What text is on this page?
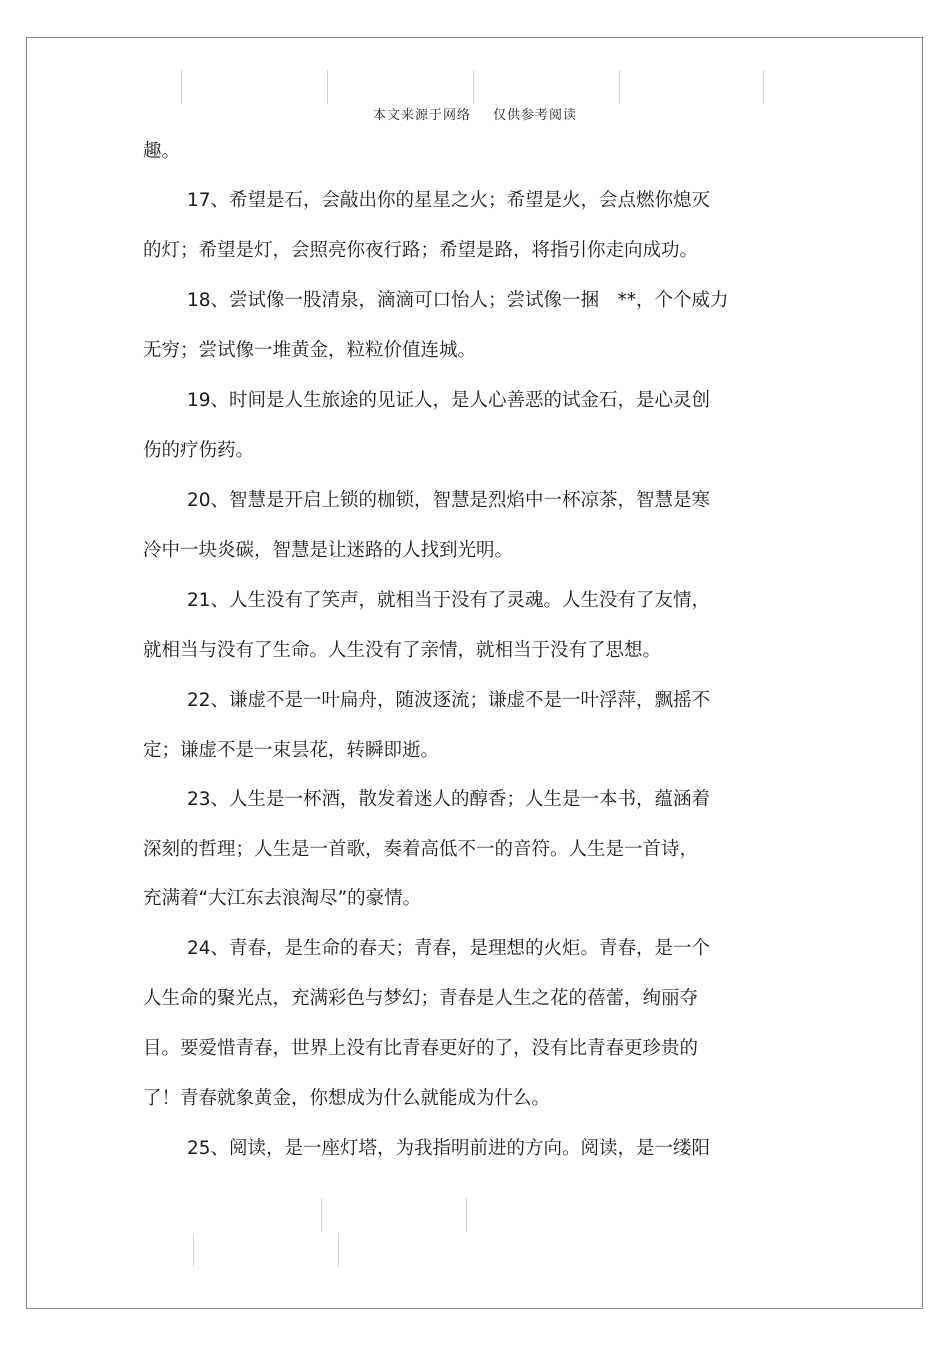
本文来源于网络 仅供参考阅读
趣。
17、希望是石，会敲出你的星星之火；希望是火，会点燃你熄灭
的灯；希望是灯，会照亮你夜行路；希望是路，将指引你走向成功。
18、尝试像一股清泉，滴滴可口怡人；尝试像一捆　**，个个威力
无穷；尝试像一堆黄金，粒粒价值连城。
19、时间是人生旅途的见证人，是人心善恶的试金石，是心灵创
伤的疗伤药。
20、智慧是开启上锁的枷锁，智慧是烈焰中一杯凉茶，智慧是寒
冷中一块炎碳，智慧是让迷路的人找到光明。
21、人生没有了笑声，就相当于没有了灵魂。人生没有了友情，
就相当与没有了生命。人生没有了亲情，就相当于没有了思想。
22、谦虚不是一叶扁舟，随波逐流；谦虚不是一叶浮萍，飘摇不
定；谦虚不是一束昙花，转瞬即逝。
23、人生是一杯酒，散发着迷人的醇香；人生是一本书，蕴涵着
深刻的哲理；人生是一首歌，奏着高低不一的音符。人生是一首诗，
充满着“大江东去浪淘尽”的豪情。
24、青春，是生命的春天；青春，是理想的火炬。青春，是一个
人生命的聚光点，充满彩色与梦幻；青春是人生之花的蓓蕾，绚丽夺
目。要爱惜青春，世界上没有比青春更好的了，没有比青春更珍贵的
了！青春就象黄金，你想成为什么就能成为什么。
25、阅读，是一座灯塔，为我指明前进的方向。阅读，是一缕阳
